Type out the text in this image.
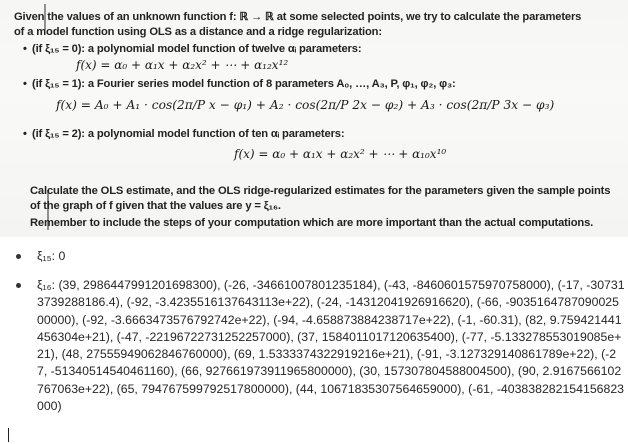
Given the values of an unknown function f: ℝ → ℝ at some selected points, we try to calculate the parameters
of a model function using OLS as a distance and a ridge regularization:
• (if ξ₁₅ = 0): a polynomial model function of twelve αᵢ parameters:
f(x) = α₀ + α₁x + α₂x² + ⋯ + α₁₂x¹²
• (if ξ₁₅ = 1): a Fourier series model function of 8 parameters A₀, …, A₃, P, φ₁, φ₂, φ₃:
f(x) = A₀ + A₁ · cos(2π/P x − φ₁) + A₂ · cos(2π/P 2x − φ₂) + A₃ · cos(2π/P 3x − φ₃)
• (if ξ₁₅ = 2): a polynomial model function of ten αᵢ parameters:
f(x) = α₀ + α₁x + α₂x² + ⋯ + α₁₀x¹⁰
Calculate the OLS estimate, and the OLS ridge-regularized estimates for the parameters given the sample points
of the graph of f given that the values are y = ξ₁₆.
Remember to include the steps of your computation which are more important than the actual computations.
ξ₁₅: 0
ξ₁₆: (39, 2986447991201698300), (-26, -34661007801235184), (-43, -8460601575970758000), (-17, -307313739288186.4), (-92, -3.4235516137643113e+22), (-24, -14312041926916620), (-66, -903516478709002500000), (-92, -3.6663473576792742e+22), (-94, -4.658873884238717e+22), (-1, -60.31), (82, 9.759421441456304e+21), (-47, -22196722731252257000), (37, 1584011017120635400), (-77, -5.133278553019085e+21), (48, 27555949062846760000), (69, 1.5333374322919216e+21), (-91, -3.127329140861789e+22), (-27, -51340514540461160), (66, 927661973911965800000), (30, 157307804588004500), (90, 2.9167566102767063e+22), (65, 794767599792517800000), (44, 10671835307564659000), (-61, -403838282154156823000)
